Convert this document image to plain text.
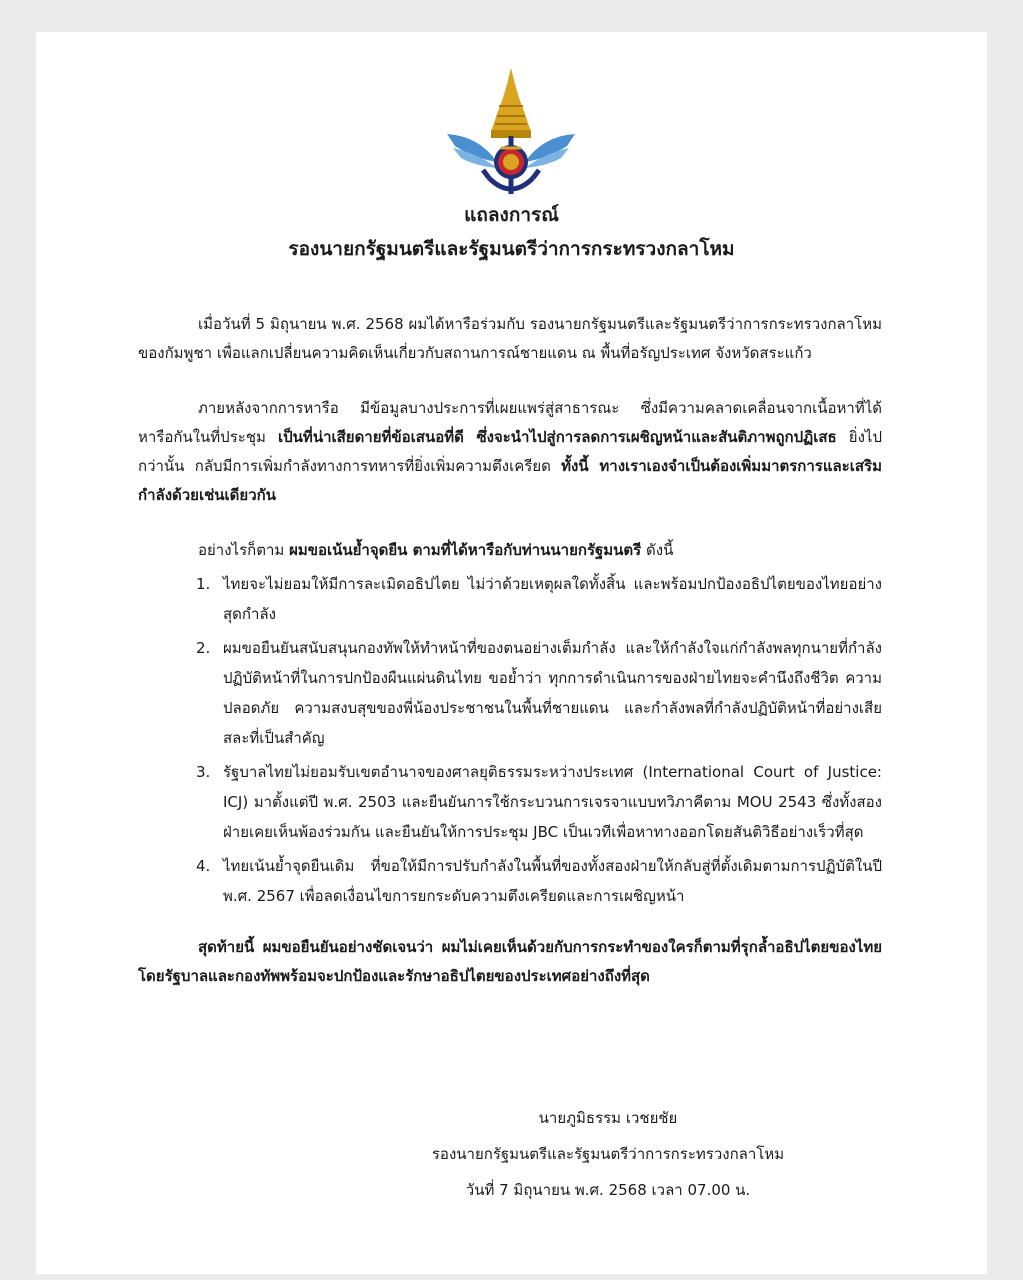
แถลงการณ์
รองนายกรัฐมนตรีและรัฐมนตรีว่าการกระทรวงกลาโหม

เมื่อวันที่ 5 มิถุนายน พ.ศ. 2568 ผมได้หารือร่วมกับ รองนายกรัฐมนตรีและรัฐมนตรีว่าการกระทรวงกลาโหมของกัมพูชา เพื่อแลกเปลี่ยนความคิดเห็นเกี่ยวกับสถานการณ์ชายแดน ณ พื้นที่อรัญประเทศ จังหวัดสระแก้ว

ภายหลังจากการหารือ มีข้อมูลบางประการที่เผยแพร่สู่สาธารณะ ซึ่งมีความคลาดเคลื่อนจากเนื้อหาที่ได้หารือกันในที่ประชุม เป็นที่น่าเสียดายที่ข้อเสนอที่ดี ซึ่งจะนำไปสู่การลดการเผชิญหน้าและสันติภาพถูกปฏิเสธ ยิ่งไปกว่านั้น กลับมีการเพิ่มกำลังทางการทหารที่ยิ่งเพิ่มความตึงเครียด ทั้งนี้ ทางเราเองจำเป็นต้องเพิ่มมาตรการและเสริมกำลังด้วยเช่นเดียวกัน

อย่างไรก็ตาม ผมขอเน้นย้ำจุดยืน ตามที่ได้หารือกับท่านนายกรัฐมนตรี ดังนี้

1. ไทยจะไม่ยอมให้มีการละเมิดอธิปไตย ไม่ว่าด้วยเหตุผลใดทั้งสิ้น และพร้อมปกป้องอธิปไตยของไทยอย่างสุดกำลัง
2. ผมขอยืนยันสนับสนุนกองทัพให้ทำหน้าที่ของตนอย่างเต็มกำลัง และให้กำลังใจแก่กำลังพลทุกนายที่กำลังปฏิบัติหน้าที่ในการปกป้องผืนแผ่นดินไทย ขอย้ำว่า ทุกการดำเนินการของฝ่ายไทยจะคำนึงถึงชีวิต ความปลอดภัย ความสงบสุขของพี่น้องประชาชนในพื้นที่ชายแดน และกำลังพลที่กำลังปฏิบัติหน้าที่อย่างเสียสละที่เป็นสำคัญ
3. รัฐบาลไทยไม่ยอมรับเขตอำนาจของศาลยุติธรรมระหว่างประเทศ (International Court of Justice: ICJ) มาตั้งแต่ปี พ.ศ. 2503 และยืนยันการใช้กระบวนการเจรจาแบบทวิภาคีตาม MOU 2543 ซึ่งทั้งสองฝ่ายเคยเห็นพ้องร่วมกัน และยืนยันให้การประชุม JBC เป็นเวทีเพื่อหาทางออกโดยสันติวิธีอย่างเร็วที่สุด
4. ไทยเน้นย้ำจุดยืนเดิม ที่ขอให้มีการปรับกำลังในพื้นที่ของทั้งสองฝ่ายให้กลับสู่ที่ตั้งเดิมตามการปฏิบัติในปี พ.ศ. 2567 เพื่อลดเงื่อนไขการยกระดับความตึงเครียดและการเผชิญหน้า

สุดท้ายนี้ ผมขอยืนยันอย่างชัดเจนว่า ผมไม่เคยเห็นด้วยกับการกระทำของใครก็ตามที่รุกล้ำอธิปไตยของไทย โดยรัฐบาลและกองทัพพร้อมจะปกป้องและรักษาอธิปไตยของประเทศอย่างถึงที่สุด

นายภูมิธรรม เวชยชัย
รองนายกรัฐมนตรีและรัฐมนตรีว่าการกระทรวงกลาโหม
วันที่ 7 มิถุนายน พ.ศ. 2568 เวลา 07.00 น.
